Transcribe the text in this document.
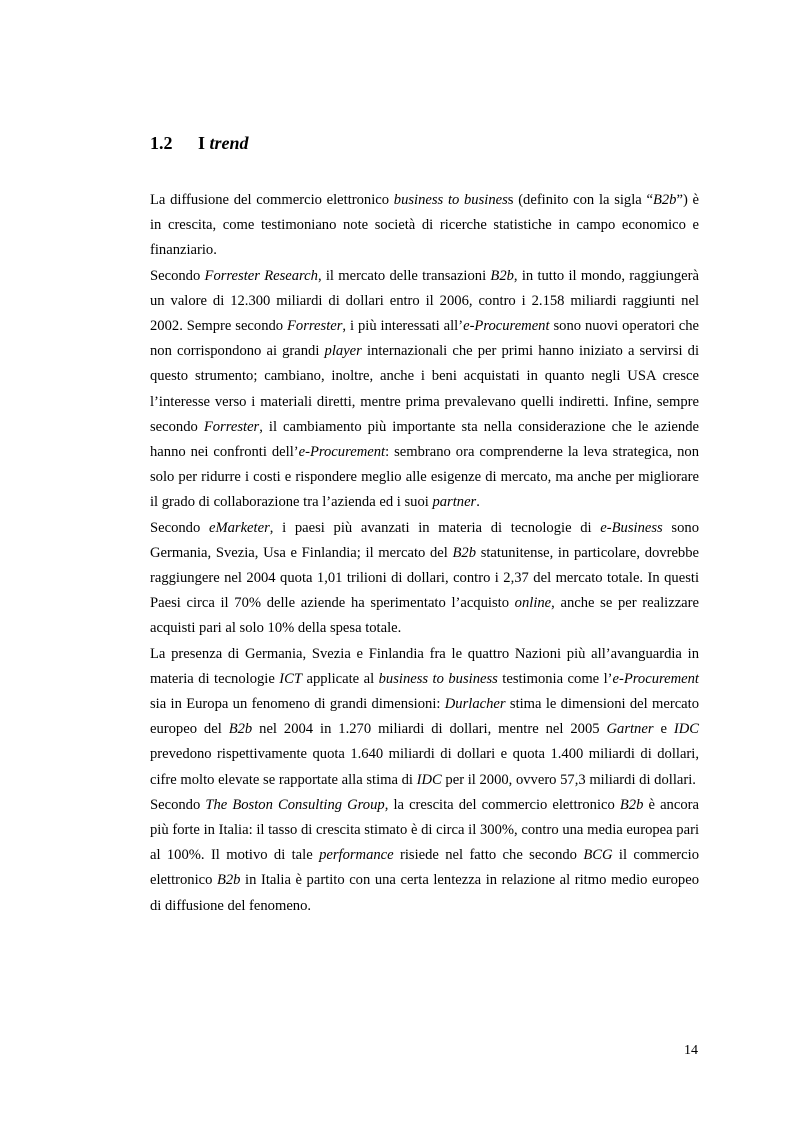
1.2 I trend

La diffusione del commercio elettronico business to business (definito con la sigla “B2b”) è in crescita, come testimoniano note società di ricerche statistiche in campo economico e finanziario.

Secondo Forrester Research, il mercato delle transazioni B2b, in tutto il mondo, raggiungerà un valore di 12.300 miliardi di dollari entro il 2006, contro i 2.158 miliardi raggiunti nel 2002. Sempre secondo Forrester, i più interessati all’e-Procurement sono nuovi operatori che non corrispondono ai grandi player internazionali che per primi hanno iniziato a servirsi di questo strumento; cambiano, inoltre, anche i beni acquistati in quanto negli USA cresce l’interesse verso i materiali diretti, mentre prima prevalevano quelli indiretti. Infine, sempre secondo Forrester, il cambiamento più importante sta nella considerazione che le aziende hanno nei confronti dell’e-Procurement: sembrano ora comprenderne la leva strategica, non solo per ridurre i costi e rispondere meglio alle esigenze di mercato, ma anche per migliorare il grado di collaborazione tra l’azienda ed i suoi partner.

Secondo eMarketer, i paesi più avanzati in materia di tecnologie di e-Business sono Germania, Svezia, Usa e Finlandia; il mercato del B2b statunitense, in particolare, dovrebbe raggiungere nel 2004 quota 1,01 trilioni di dollari, contro i 2,37 del mercato totale. In questi Paesi circa il 70% delle aziende ha sperimentato l’acquisto online, anche se per realizzare acquisti pari al solo 10% della spesa totale.

La presenza di Germania, Svezia e Finlandia fra le quattro Nazioni più all’avanguardia in materia di tecnologie ICT applicate al business to business testimonia come l’e-Procurement sia in Europa un fenomeno di grandi dimensioni: Durlacher stima le dimensioni del mercato europeo del B2b nel 2004 in 1.270 miliardi di dollari, mentre nel 2005 Gartner e IDC prevedono rispettivamente quota 1.640 miliardi di dollari e quota 1.400 miliardi di dollari, cifre molto elevate se rapportate alla stima di IDC per il 2000, ovvero 57,3 miliardi di dollari.

Secondo The Boston Consulting Group, la crescita del commercio elettronico B2b è ancora più forte in Italia: il tasso di crescita stimato è di circa il 300%, contro una media europea pari al 100%. Il motivo di tale performance risiede nel fatto che secondo BCG il commercio elettronico B2b in Italia è partito con una certa lentezza in relazione al ritmo medio europeo di diffusione del fenomeno.

14
